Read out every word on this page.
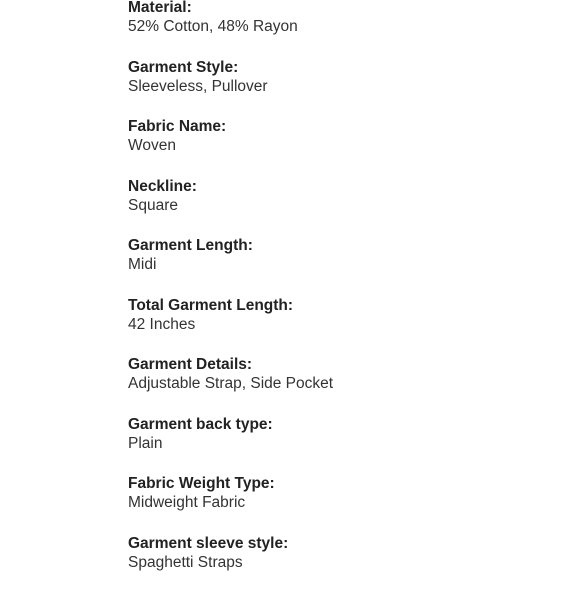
Material:
52% Cotton, 48% Rayon
Garment Style:
Sleeveless, Pullover
Fabric Name:
Woven
Neckline:
Square
Garment Length:
Midi
Total Garment Length:
42 Inches
Garment Details:
Adjustable Strap, Side Pocket
Garment back type:
Plain
Fabric Weight Type:
Midweight Fabric
Garment sleeve style:
Spaghetti Straps
